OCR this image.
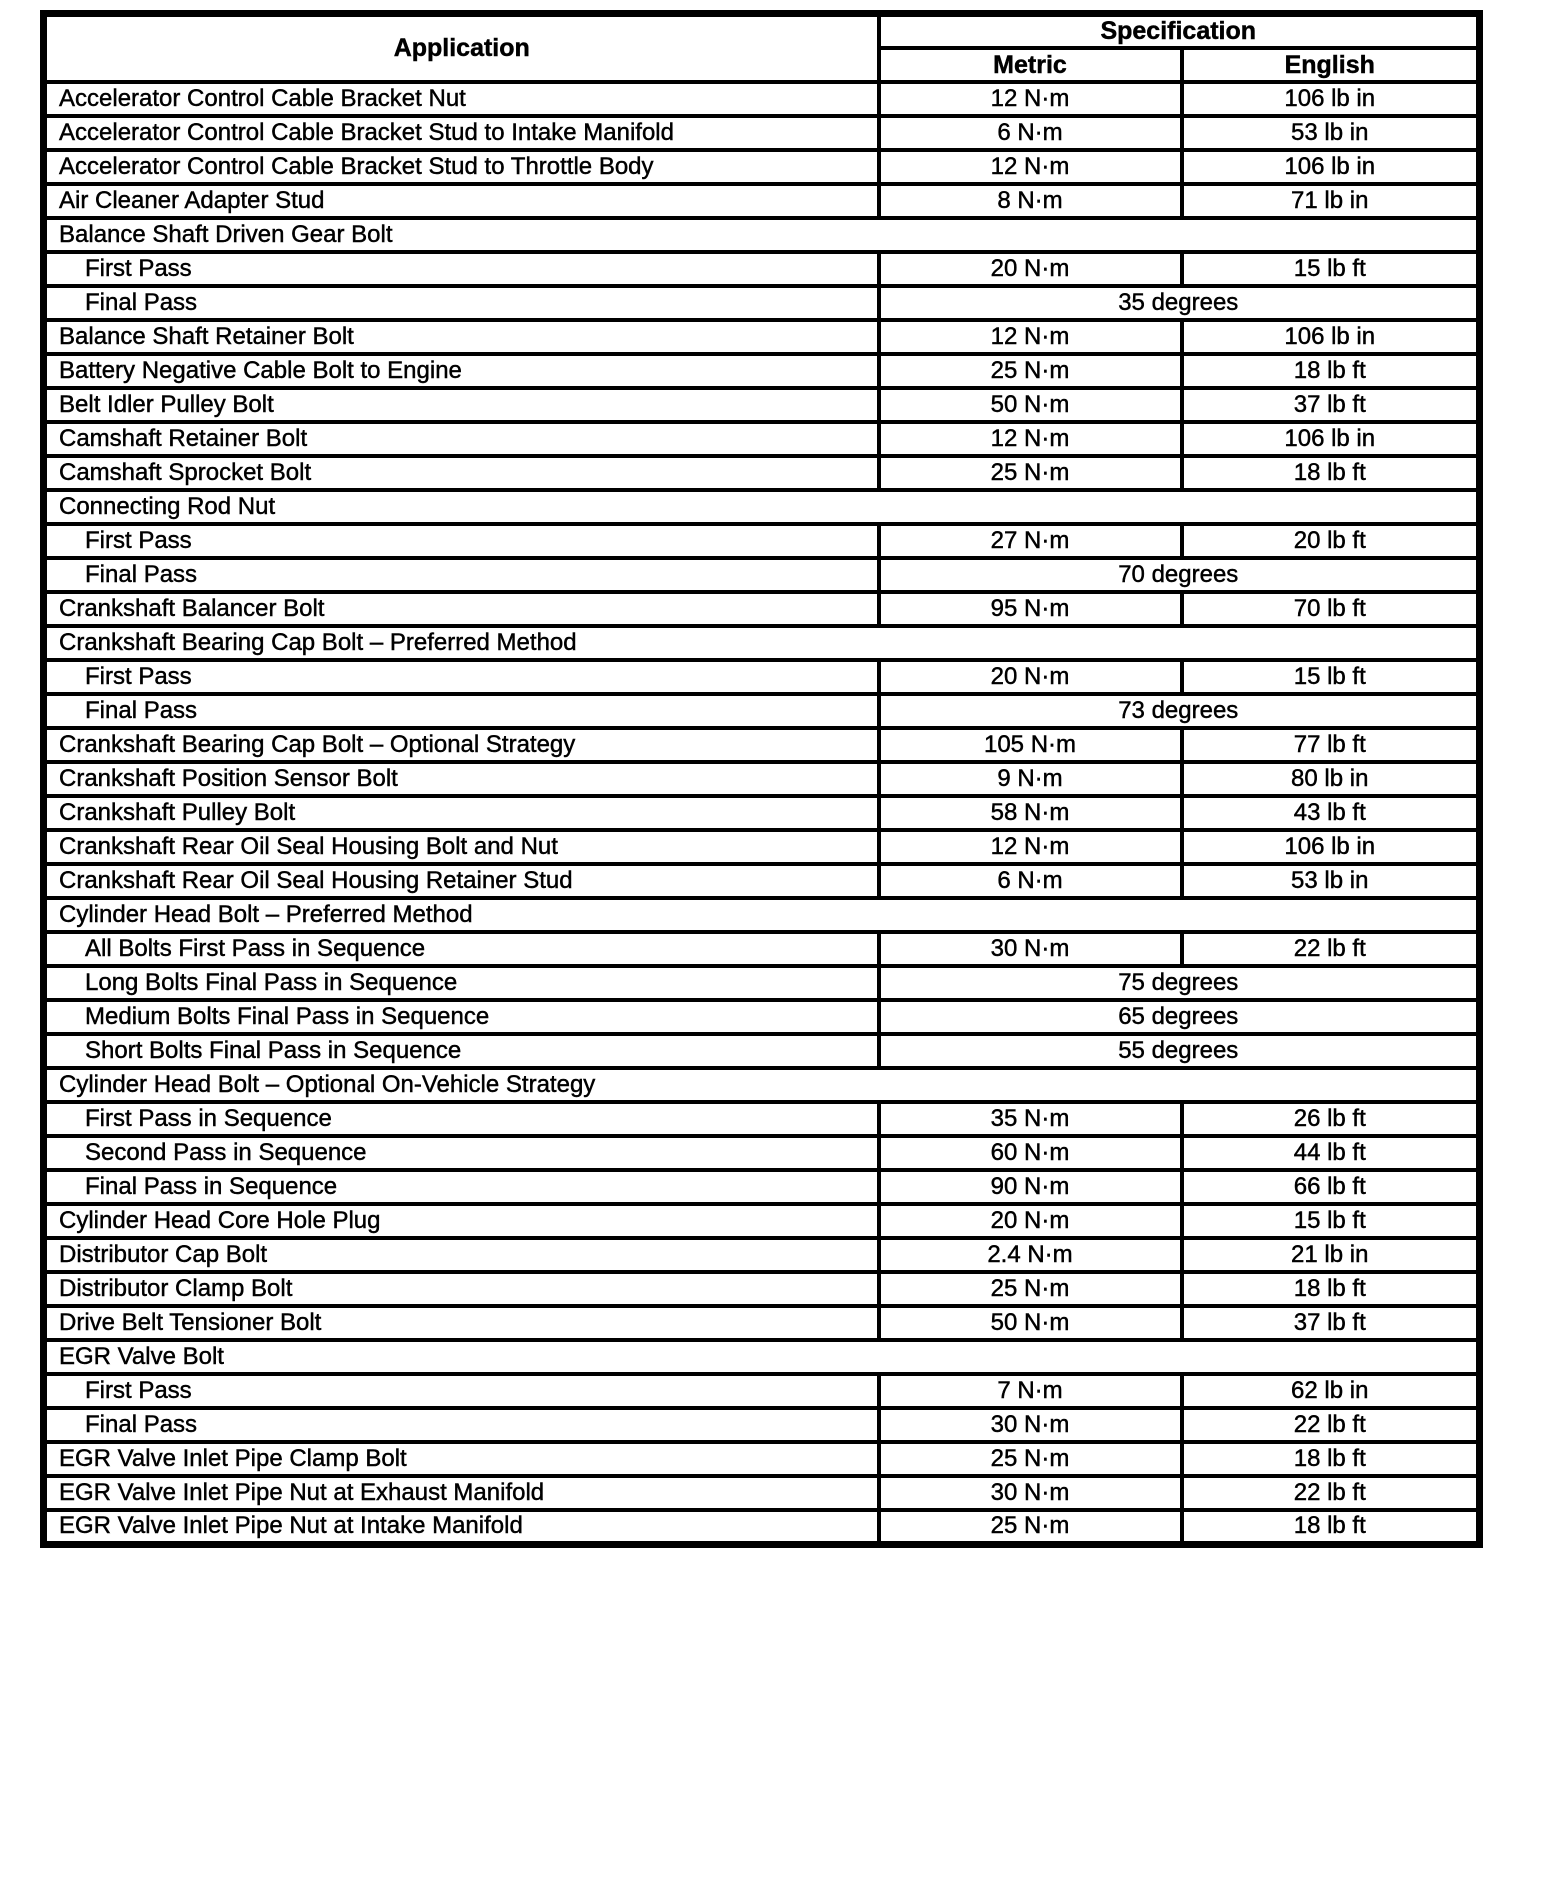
Application	Specification	
	Metric	English
Accelerator Control Cable Bracket Nut	12 N·m	106 lb in
Accelerator Control Cable Bracket Stud to Intake Manifold	6 N·m	53 lb in
Accelerator Control Cable Bracket Stud to Throttle Body	12 N·m	106 lb in
Air Cleaner Adapter Stud	8 N·m	71 lb in
Balance Shaft Driven Gear Bolt		
First Pass	20 N·m	15 lb ft
Final Pass	35 degrees	
Balance Shaft Retainer Bolt	12 N·m	106 lb in
Battery Negative Cable Bolt to Engine	25 N·m	18 lb ft
Belt Idler Pulley Bolt	50 N·m	37 lb ft
Camshaft Retainer Bolt	12 N·m	106 lb in
Camshaft Sprocket Bolt	25 N·m	18 lb ft
Connecting Rod Nut		
First Pass	27 N·m	20 lb ft
Final Pass	70 degrees	
Crankshaft Balancer Bolt	95 N·m	70 lb ft
Crankshaft Bearing Cap Bolt – Preferred Method		
First Pass	20 N·m	15 lb ft
Final Pass	73 degrees	
Crankshaft Bearing Cap Bolt – Optional Strategy	105 N·m	77 lb ft
Crankshaft Position Sensor Bolt	9 N·m	80 lb in
Crankshaft Pulley Bolt	58 N·m	43 lb ft
Crankshaft Rear Oil Seal Housing Bolt and Nut	12 N·m	106 lb in
Crankshaft Rear Oil Seal Housing Retainer Stud	6 N·m	53 lb in
Cylinder Head Bolt – Preferred Method		
All Bolts First Pass in Sequence	30 N·m	22 lb ft
Long Bolts Final Pass in Sequence	75 degrees	
Medium Bolts Final Pass in Sequence	65 degrees	
Short Bolts Final Pass in Sequence	55 degrees	
Cylinder Head Bolt – Optional On-Vehicle Strategy		
First Pass in Sequence	35 N·m	26 lb ft
Second Pass in Sequence	60 N·m	44 lb ft
Final Pass in Sequence	90 N·m	66 lb ft
Cylinder Head Core Hole Plug	20 N·m	15 lb ft
Distributor Cap Bolt	2.4 N·m	21 lb in
Distributor Clamp Bolt	25 N·m	18 lb ft
Drive Belt Tensioner Bolt	50 N·m	37 lb ft
EGR Valve Bolt		
First Pass	7 N·m	62 lb in
Final Pass	30 N·m	22 lb ft
EGR Valve Inlet Pipe Clamp Bolt	25 N·m	18 lb ft
EGR Valve Inlet Pipe Nut at Exhaust Manifold	30 N·m	22 lb ft
EGR Valve Inlet Pipe Nut at Intake Manifold	25 N·m	18 lb ft
